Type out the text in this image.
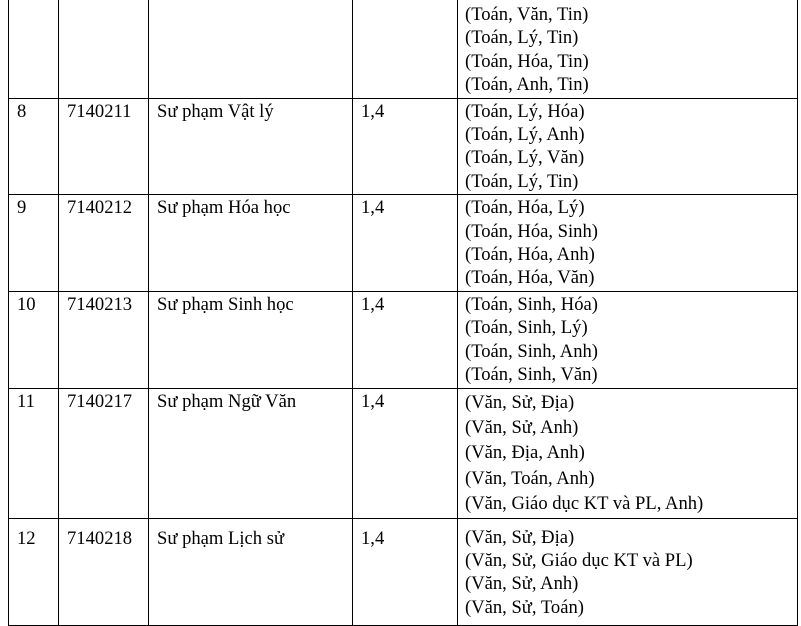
				(Toán, Văn, Tin)
(Toán, Lý, Tin)
(Toán, Hóa, Tin)
(Toán, Anh, Tin)

8	7140211	Sư phạm Vật lý	1,4	(Toán, Lý, Hóa)
(Toán, Lý, Anh)
(Toán, Lý, Văn)
(Toán, Lý, Tin)

9	7140212	Sư phạm Hóa học	1,4	(Toán, Hóa, Lý)
(Toán, Hóa, Sinh)
(Toán, Hóa, Anh)
(Toán, Hóa, Văn)

10	7140213	Sư phạm Sinh học	1,4	(Toán, Sinh, Hóa)
(Toán, Sinh, Lý)
(Toán, Sinh, Anh)
(Toán, Sinh, Văn)

11	7140217	Sư phạm Ngữ Văn	1,4	(Văn, Sử, Địa)
(Văn, Sử, Anh)
(Văn, Địa, Anh)
(Văn, Toán, Anh)
(Văn, Giáo dục KT và PL, Anh)

12	7140218	Sư phạm Lịch sử	1,4	(Văn, Sử, Địa)
(Văn, Sử, Giáo dục KT và PL)
(Văn, Sử, Anh)
(Văn, Sử, Toán)
